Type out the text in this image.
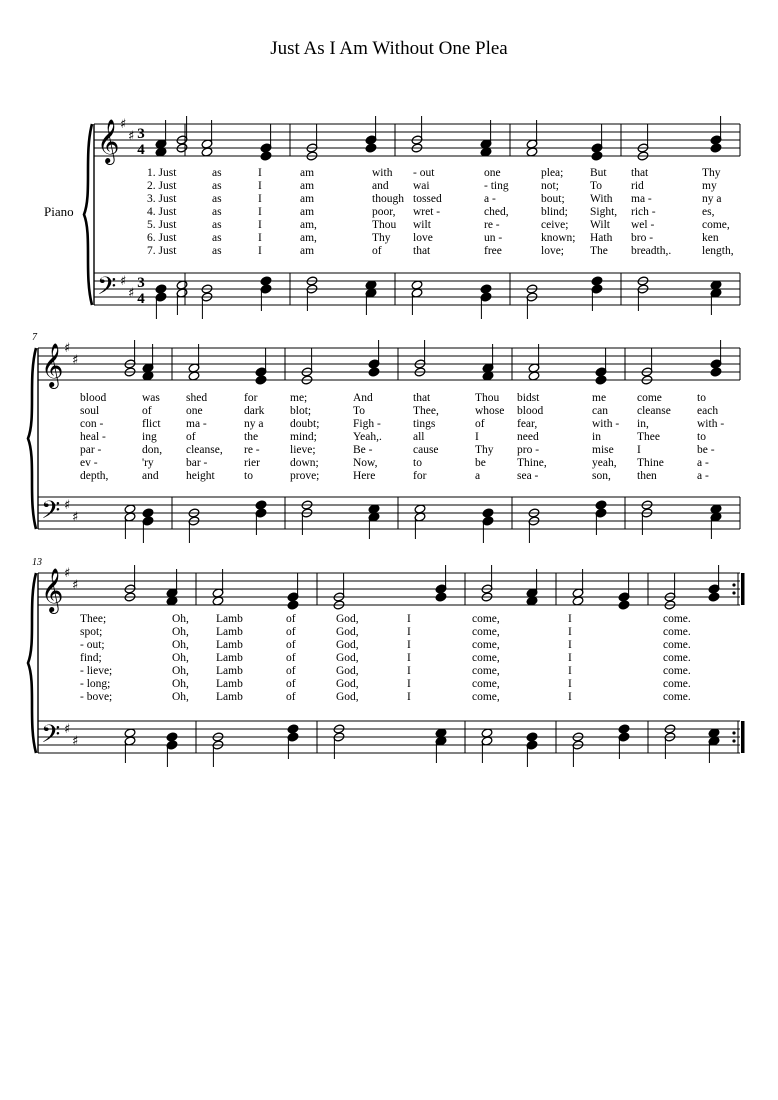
Just As I Am Without One Plea
Piano
𝄞
𝄢
♯
♯
♯
♯
3
4
3
4
1. Just	as	I	am	with - out	one	plea; But that	Thy
2. Just	as	I	am	and wai	- ting	not;	To	rid	my
3. Just	as	I	am	though tossed	a -	bout; With ma -	ny a
4. Just	as	I	am	poor, wret -	ched,	blind; Sight, rich -	es,
5. Just	as	I	am,	Thou wilt	re -	ceive; Wilt wel -	come,
6. Just	as	I	am,	Thy love	un -	known; Hath bro -	ken
7. Just	as	I	am	of	that	free	love; The breadth,.	length,
𝄞
𝄢
♯
♯
♯
♯
7
blood	was shed	for	me;	And	that	Thou bidst	me	come	to
soul	of	one	dark blot;	To	Thee,	whose blood	can	cleanse each
con -	flict ma -	ny a doubt;	Figh -	tings	of	fear,	with - in,	with -
heal -	ing	of	the	mind;	Yeah,.	all	I	need	in	Thee	to
par -	don, cleanse, re -	lieve;	Be -	cause	Thy pro -	mise I	be -
ev -	'ry	bar -	rier	down;	Now,	to	be	Thine,	yeah, Thine	a -
depth,	and height	to	prove;	Here	for	a	sea -	son, then	a -
𝄞
𝄢
♯
♯
♯
♯
13
Thee;	Oh, Lamb	of	God,	I	come,	I	come.
spot;	Oh, Lamb	of	God,	I	come,	I	come.
- out;	Oh, Lamb	of	God,	I	come,	I	come.
find;	Oh, Lamb	of	God,	I	come,	I	come.
- lieve;	Oh, Lamb	of	God,	I	come,	I	come.
- long;	Oh, Lamb	of	God,	I	come,	I	come.
- bove;	Oh, Lamb	of	God,	I	come,	I	come.
